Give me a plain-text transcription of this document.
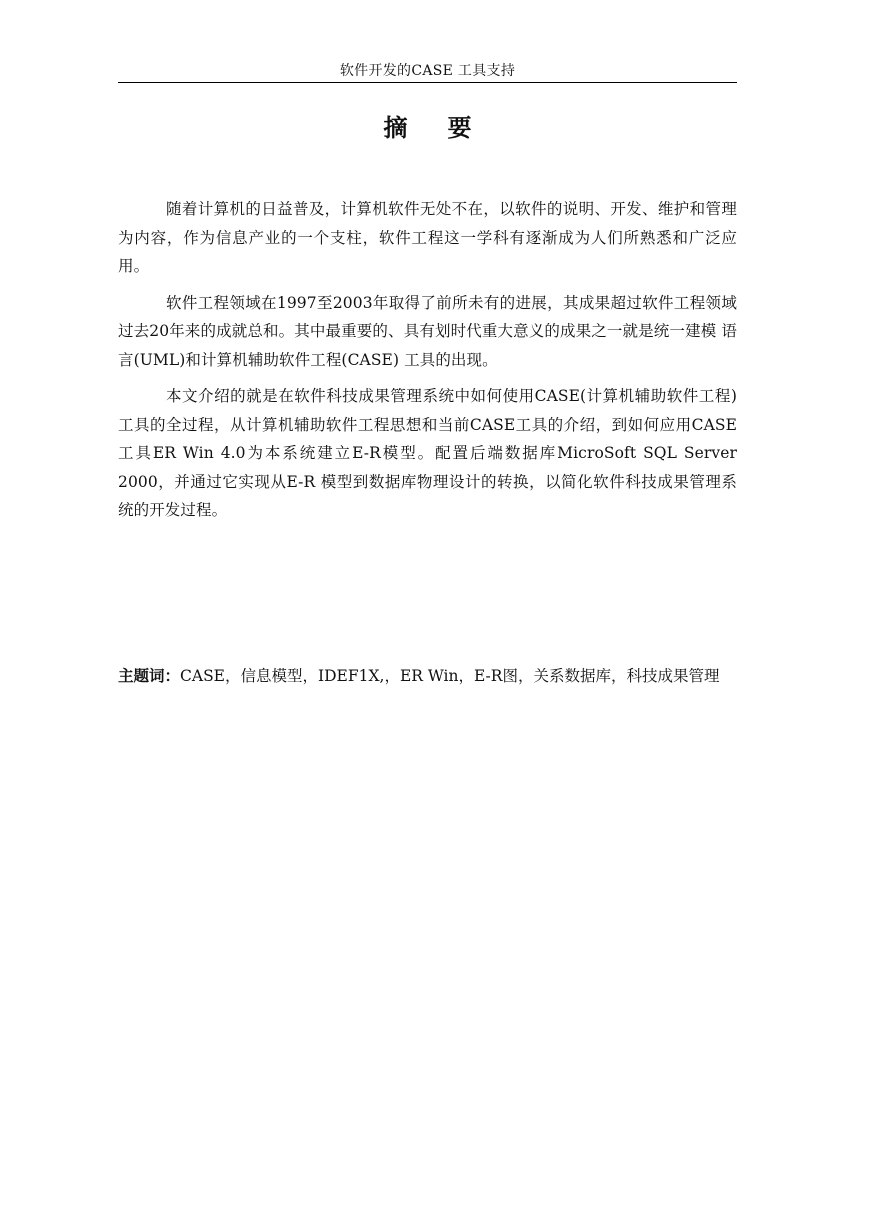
软件开发的CASE 工具支持
摘 要

随着计算机的日益普及，计算机软件无处不在，以软件的说明、开发、维护和管理为内容，作为信息产业的一个支柱，软件工程这一学科有逐渐成为人们所熟悉和广泛应用。

软件工程领域在1997至2003年取得了前所未有的进展，其成果超过软件工程领域过去20年来的成就总和。其中最重要的、具有划时代重大意义的成果之一就是统一建模 语言(UML)和计算机辅助软件工程(CASE) 工具的出现。

本文介绍的就是在软件科技成果管理系统中如何使用CASE(计算机辅助软件工程)工具的全过程，从计算机辅助软件工程思想和当前CASE工具的介绍，到如何应用CASE工具ER Win 4.0为本系统建立E-R模型。配置后端数据库MicroSoft SQL Server 2000，并通过它实现从E-R 模型到数据库物理设计的转换，以简化软件科技成果管理系统的开发过程。

主题词： CASE，信息模型，IDEF1X,，ER Win，E-R图，关系数据库，科技成果管理
